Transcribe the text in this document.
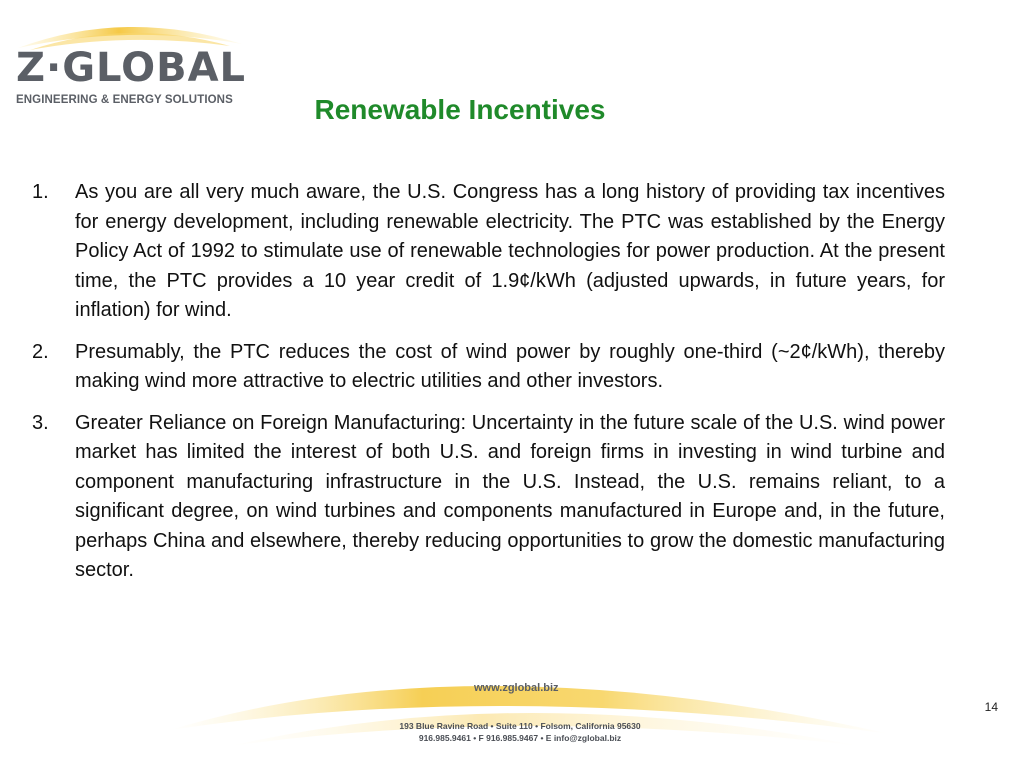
Z·GLOBAL
ENGINEERING & ENERGY SOLUTIONS	Renewable Incentives
1. As you are all very much aware, the U.S. Congress has a long history of providing tax incentives for energy development, including renewable electricity. The PTC was established by the Energy Policy Act of 1992 to stimulate use of renewable technologies for power production. At the present time, the PTC provides a 10 year credit of 1.9¢/kWh (adjusted upwards, in future years, for inflation) for wind.
2. Presumably, the PTC reduces the cost of wind power by roughly one-third (~2¢/kWh), thereby making wind more attractive to electric utilities and other investors.
3. Greater Reliance on Foreign Manufacturing: Uncertainty in the future scale of the U.S. wind power market has limited the interest of both U.S. and foreign firms in investing in wind turbine and component manufacturing infrastructure in the U.S. Instead, the U.S. remains reliant, to a significant degree, on wind turbines and components manufactured in Europe and, in the future, perhaps China and elsewhere, thereby reducing opportunities to grow the domestic manufacturing sector.
www.zglobal.biz
193 Blue Ravine Road • Suite 110 • Folsom, California 95630
916.985.9461 • F 916.985.9467 • E info@zglobal.biz
14
